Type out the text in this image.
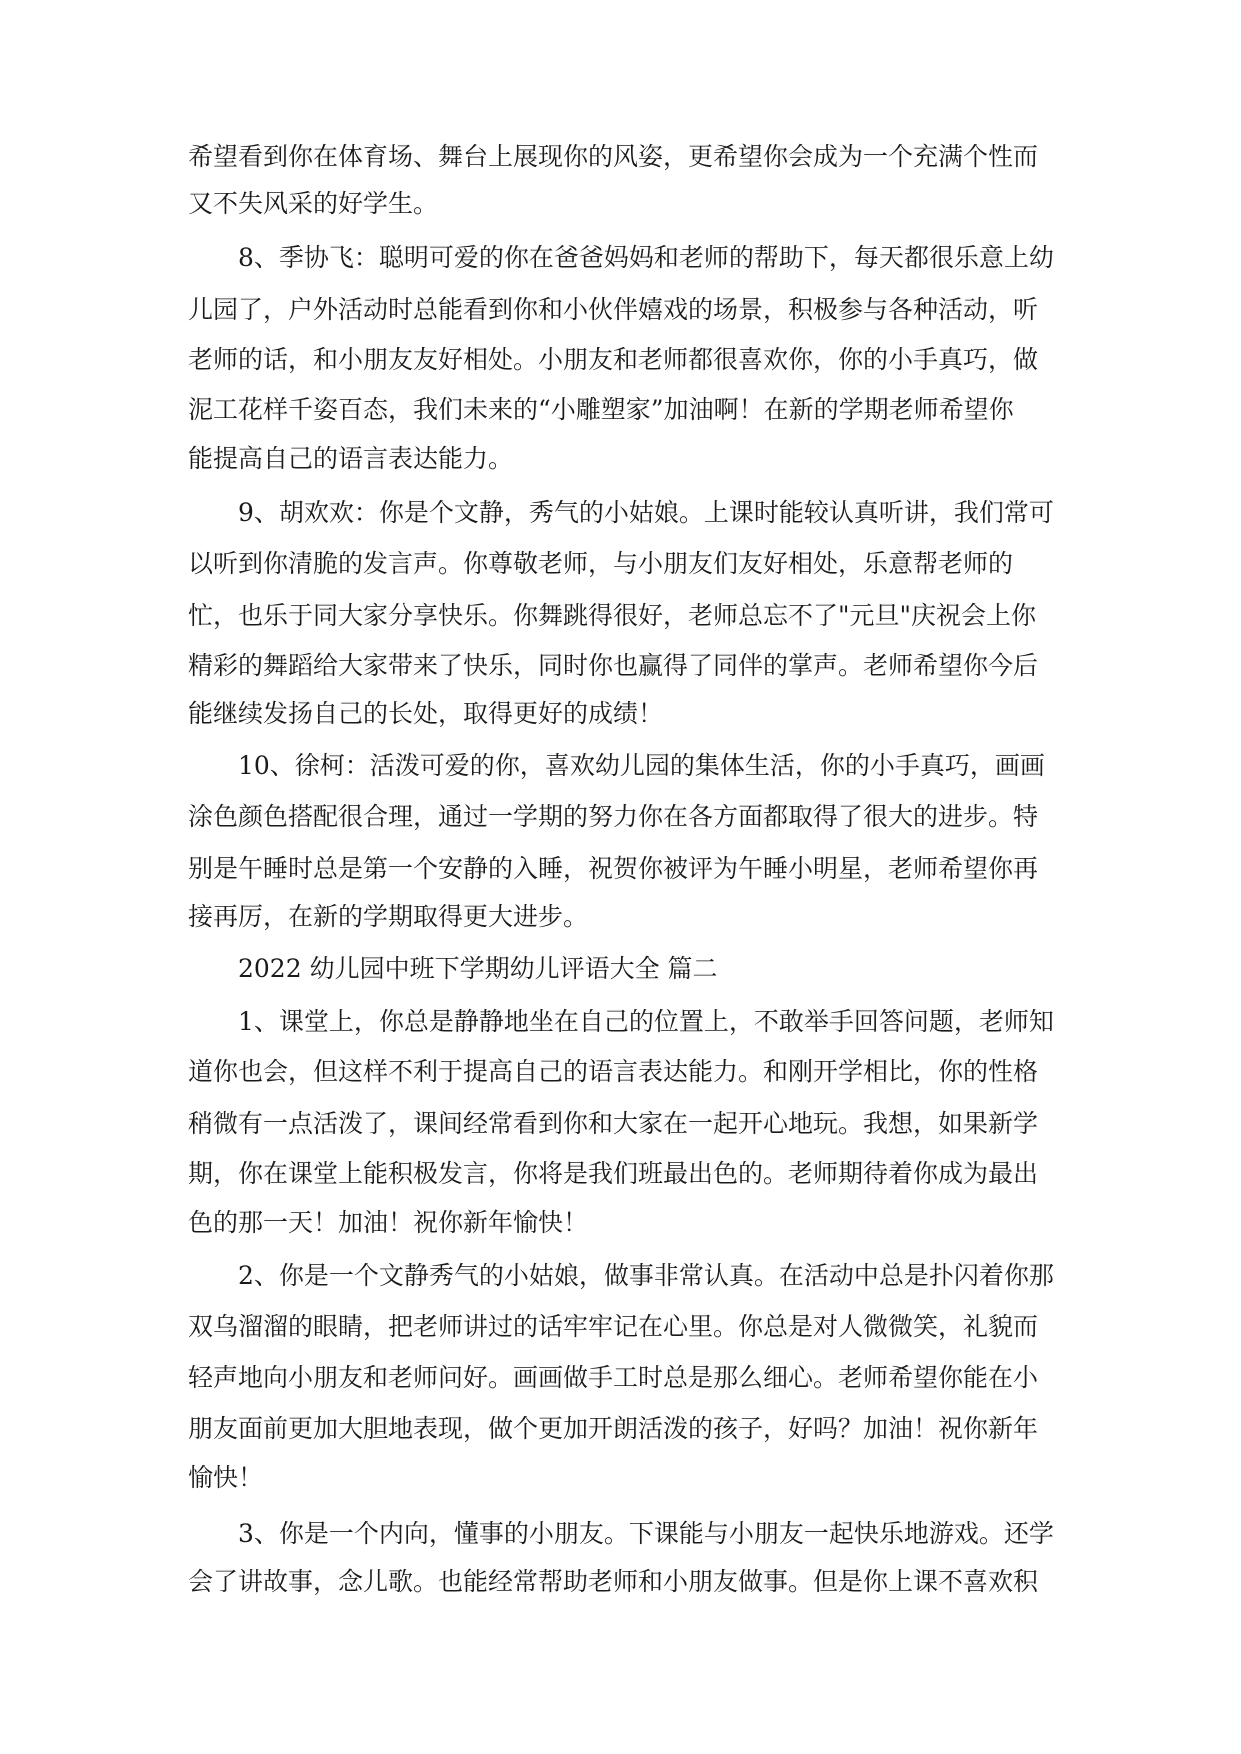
希望看到你在体育场、舞台上展现你的风姿，更希望你会成为一个充满个性而
又不失风采的好学生。
8、季协飞：聪明可爱的你在爸爸妈妈和老师的帮助下，每天都很乐意上幼
儿园了，户外活动时总能看到你和小伙伴嬉戏的场景，积极参与各种活动，听
老师的话，和小朋友友好相处。小朋友和老师都很喜欢你，你的小手真巧，做
泥工花样千姿百态，我们未来的“小雕塑家”加油啊！在新的学期老师希望你
能提高自己的语言表达能力。
9、胡欢欢：你是个文静，秀气的小姑娘。上课时能较认真听讲，我们常可
以听到你清脆的发言声。你尊敬老师，与小朋友们友好相处，乐意帮老师的
忙，也乐于同大家分享快乐。你舞跳得很好，老师总忘不了"元旦"庆祝会上你
精彩的舞蹈给大家带来了快乐，同时你也赢得了同伴的掌声。老师希望你今后
能继续发扬自己的长处，取得更好的成绩！
10、徐柯：活泼可爱的你，喜欢幼儿园的集体生活，你的小手真巧，画画
涂色颜色搭配很合理，通过一学期的努力你在各方面都取得了很大的进步。特
别是午睡时总是第一个安静的入睡，祝贺你被评为午睡小明星，老师希望你再
接再厉，在新的学期取得更大进步。
2022 幼儿园中班下学期幼儿评语大全 篇二
1、课堂上，你总是静静地坐在自己的位置上，不敢举手回答问题，老师知
道你也会，但这样不利于提高自己的语言表达能力。和刚开学相比，你的性格
稍微有一点活泼了，课间经常看到你和大家在一起开心地玩。我想，如果新学
期，你在课堂上能积极发言，你将是我们班最出色的。老师期待着你成为最出
色的那一天！加油！祝你新年愉快！
2、你是一个文静秀气的小姑娘，做事非常认真。在活动中总是扑闪着你那
双乌溜溜的眼睛，把老师讲过的话牢牢记在心里。你总是对人微微笑，礼貌而
轻声地向小朋友和老师问好。画画做手工时总是那么细心。老师希望你能在小
朋友面前更加大胆地表现，做个更加开朗活泼的孩子，好吗？加油！祝你新年
愉快！
3、你是一个内向，懂事的小朋友。下课能与小朋友一起快乐地游戏。还学
会了讲故事，念儿歌。也能经常帮助老师和小朋友做事。但是你上课不喜欢积
